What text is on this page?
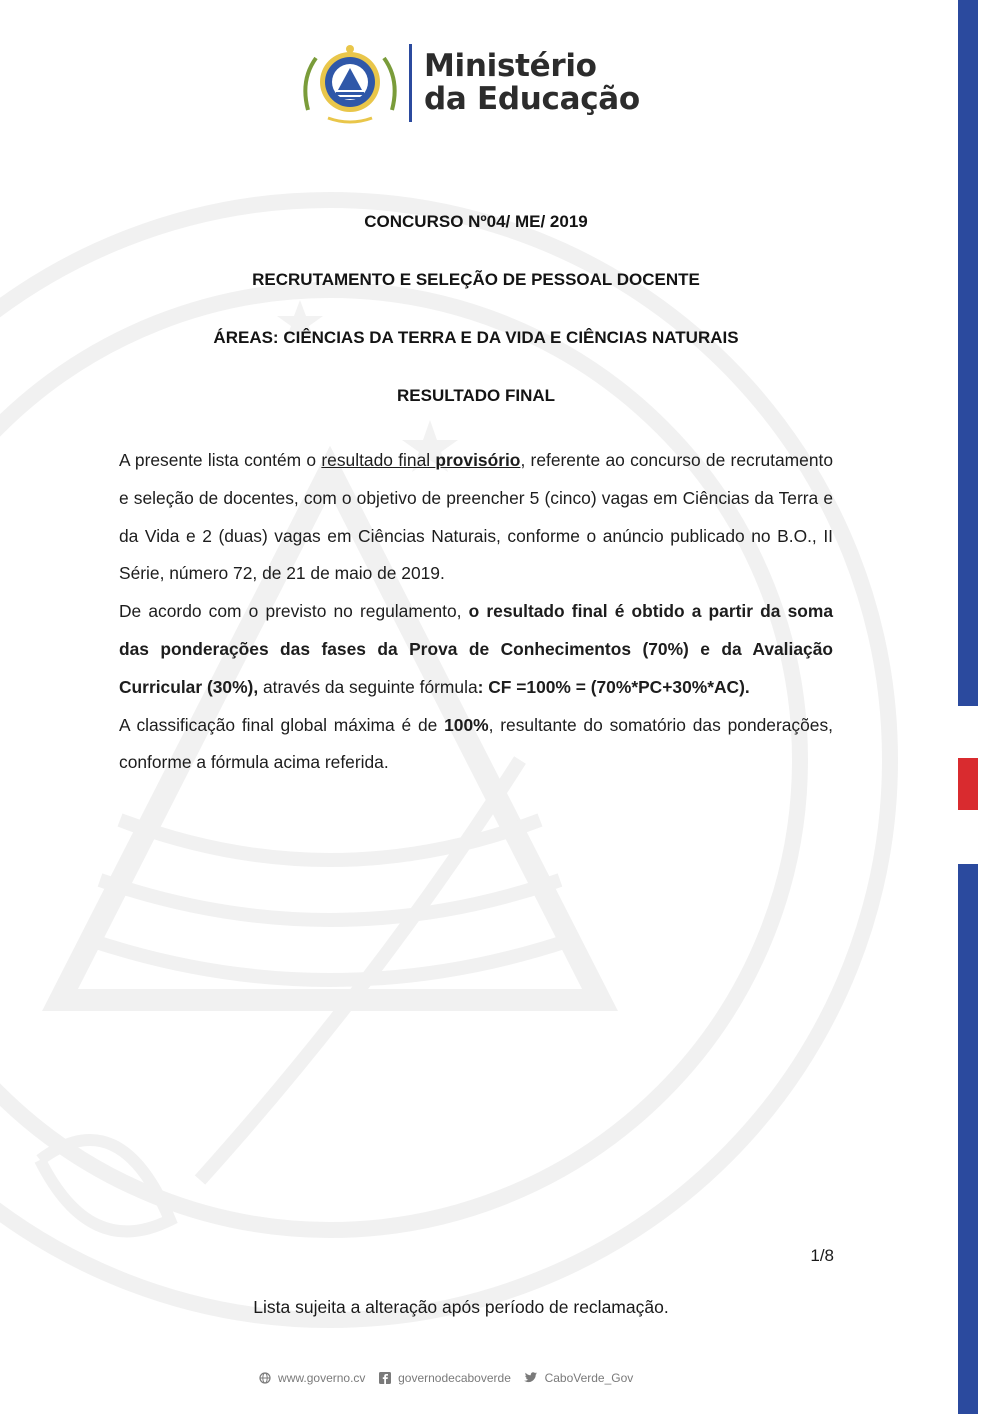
Ministério
da Educação
CONCURSO Nº04/ ME/ 2019
RECRUTAMENTO E SELEÇÃO DE PESSOAL DOCENTE
ÁREAS: CIÊNCIAS DA TERRA E DA VIDA E CIÊNCIAS NATURAIS
RESULTADO FINAL

A presente lista contém o resultado final provisório, referente ao concurso de recrutamento e seleção de docentes, com o objetivo de preencher 5 (cinco) vagas em Ciências da Terra e da Vida e 2 (duas) vagas em Ciências Naturais, conforme o anúncio publicado no B.O., II Série, número 72, de 21 de maio de 2019.

De acordo com o previsto no regulamento, o resultado final é obtido a partir da soma das ponderações das fases da Prova de Conhecimentos (70%) e da Avaliação Curricular (30%), através da seguinte fórmula: CF =100% = (70%*PC+30%*AC).

A classificação final global máxima é de 100%, resultante do somatório das ponderações, conforme a fórmula acima referida.

1/8
Lista sujeita a alteração após período de reclamação.
www.governo.cv	governodecaboverde	CaboVerde_Gov
